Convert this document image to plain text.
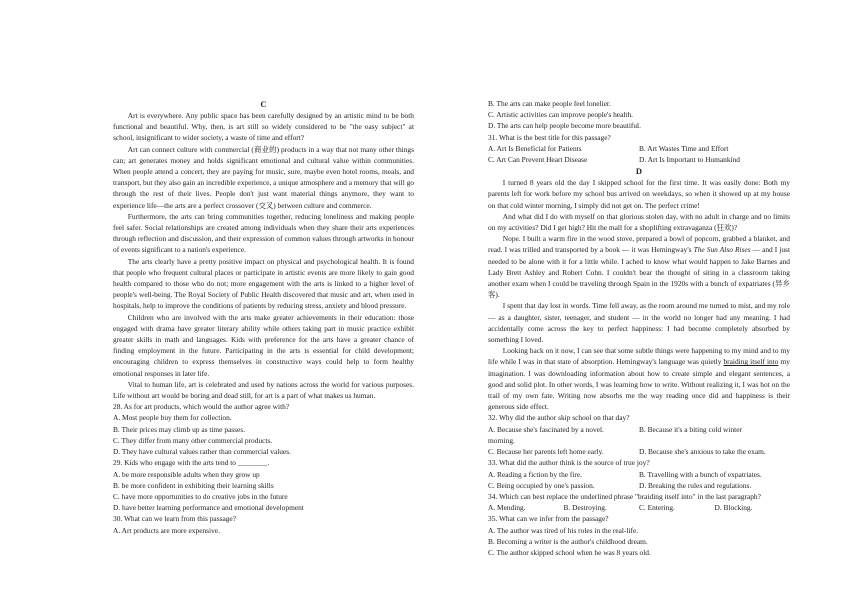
C

Art is everywhere. Any public space has been carefully designed by an artistic mind to be both functional and beautiful. Why, then, is art still so widely considered to be "the easy subject" at school, insignificant to wider society, a waste of time and effort?

Art can connect culture with commercial (商业的) products in a way that not many other things can; art generates money and holds significant emotional and cultural value within communities. When people attend a concert, they are paying for music, sure, maybe even hotel rooms, meals, and transport, but they also gain an incredible experience, a unique atmosphere and a memory that will go through the rest of their lives. People don't just want material things anymore, they want to experience life—the arts are a perfect crossover (交叉) between culture and commerce.

Furthermore, the arts can bring communities together, reducing loneliness and making people feel safer. Social relationships are created among individuals when they share their arts experiences through reflection and discussion, and their expression of common values through artworks in honour of events significant to a nation's experience.

The arts clearly have a pretty positive impact on physical and psychological health. It is found that people who frequent cultural places or participate in artistic events are more likely to gain good health compared to those who do not; more engagement with the arts is linked to a higher level of people's well-being. The Royal Society of Public Health discovered that music and art, when used in hospitals, help to improve the conditions of patients by reducing stress, anxiety and blood pressure.

Children who are involved with the arts make greater achievements in their education: those engaged with drama have greater literary ability while others taking part in music practice exhibit greater skills in math and languages. Kids with preference for the arts have a greater chance of finding employment in the future. Participating in the arts is essential for child development; encouraging children to express themselves in constructive ways could help to form healthy emotional responses in later life.

Vital to human life, art is celebrated and used by nations across the world for various purposes. Life without art would be boring and dead still, for art is a part of what makes us human.

28. As for art products, which would the author agree with?

A. Most people buy them for collection.

B. Their prices may climb up as time passes.

C. They differ from many other commercial products.

D. They have cultural values rather than commercial values.

29. Kids who engage with the arts tend to ________.

A. be more responsible adults when they grow up

B. be more confident in exhibiting their learning skills

C. have more opportunities to do creative jobs in the future

D. have better learning performance and emotional development

30. What can we learn from this passage?

A. Art products are more expensive.

B. The arts can make people feel lonelier.

C. Artistic activities can improve people's health.

D. The arts can help people become more beautiful.

31. What is the best title for this passage?

A. Art Is Beneficial for Patients	B. Art Wastes Time and Effort
C. Art Can Prevent Heart Disease	D. Art Is Important to Humankind
D

I turned 8 years old the day I skipped school for the first time. It was easily done: Both my parents left for work before my school bus arrived on weekdays, so when it showed up at my house on that cold winter morning, I simply did not get on. The perfect crime!

And what did I do with myself on that glorious stolen day, with no adult in charge and no limits on my activities? Did I get high? Hit the mall for a shoplifting extravaganza (狂欢)?

Nope. I built a warm fire in the wood stove, prepared a bowl of popcorn, grabbed a blanket, and read. I was trilled and transported by a book — it was Hemingway's The Sun Also Rises — and I just needed to be alone with it for a little while. I ached to know what would happen to Jake Barnes and Lady Brett Ashley and Robert Cohn. I couldn't bear the thought of siting in a classroom taking another exam when I could be traveling through Spain in the 1920s with a bunch of expatriates (异乡客).

I spent that day lost in words. Time fell away, as the room around me turned to mist, and my role — as a daughter, sister, teenager, and student — in the world no longer had any meaning. I had accidentally come across the key to perfect happiness: I had become completely absorbed by something I loved.

Looking back on it now, I can see that some subtle things were happening to my mind and to my life while I was in that state of absorption. Hemingway's language was quietly braiding itself into my imagination. I was downloading information about how to create simple and elegant sentences, a good and solid plot. In other words, I was learning how to write. Without realizing it, I was hot on the trail of my own fate. Writing now absorbs me the way reading once did and happiness is their generous side effect.

32. Why did the author skip school on that day?

A. Because she's fascinated by a novel.	B. Because it's a biting cold winter

morning.

C. Because her parents left home early.	D. Because she's anxious to take the exam.

33. What did the author think is the source of true joy?

A. Reading a fiction by the fire.	B. Travelling with a bunch of expatriates.
C. Being occupied by one's passion.	D. Breaking the rules and regulations.

34. Which can best replace the underlined phrase "braiding itself into" in the last paragraph?

A. Mending.	B. Destroying.	C. Entering.	D. Blocking.

35. What can we infer from the passage?

A. The author was tired of his roles in the real-life.

B. Becoming a writer is the author's childhood dream.

C. The author skipped school when he was 8 years old.
